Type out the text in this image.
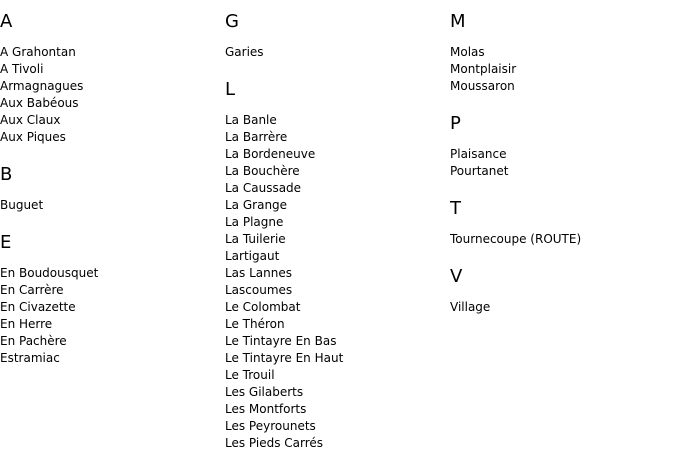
A
A Grahontan
A Tivoli
Armagnagues
Aux Babéous
Aux Claux
Aux Piques
B
Buguet
E
En Boudousquet
En Carrère
En Civazette
En Herre
En Pachère
Estramiac
G
Garies
L
La Banle
La Barrère
La Bordeneuve
La Bouchère
La Caussade
La Grange
La Plagne
La Tuilerie
Lartigaut
Las Lannes
Lascoumes
Le Colombat
Le Théron
Le Tintayre En Bas
Le Tintayre En Haut
Le Trouil
Les Gilaberts
Les Montforts
Les Peyrounets
Les Pieds Carrés
M
Molas
Montplaisir
Moussaron
P
Plaisance
Pourtanet
T
Tournecoupe (ROUTE)
V
Village
